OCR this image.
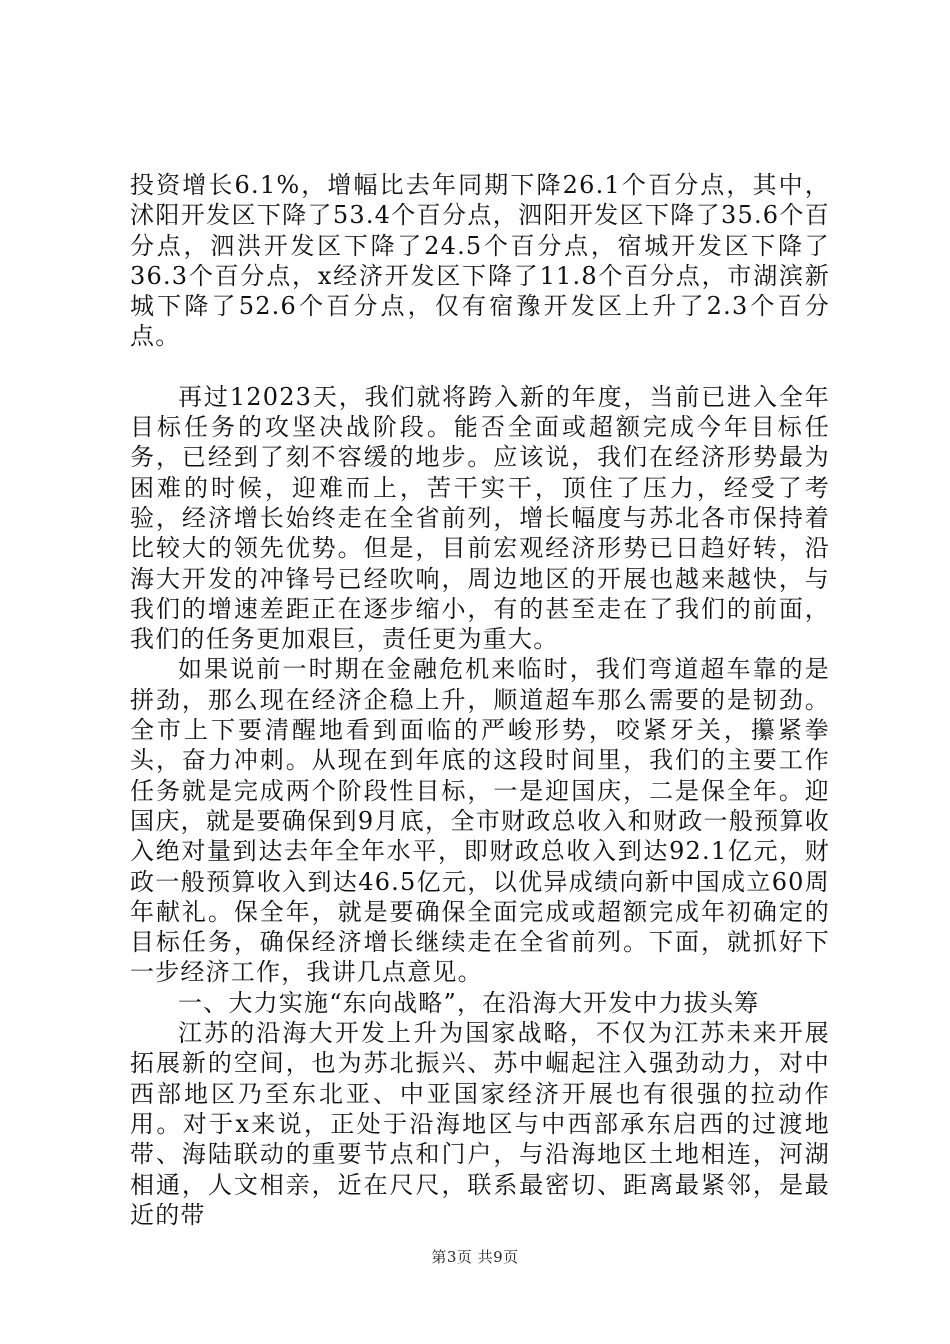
投资增长6.1%，增幅比去年同期下降26.1个百分点，其中，沭阳开发区下降了53.4个百分点，泗阳开发区下降了35.6个百分点，泗洪开发区下降了24.5个百分点，宿城开发区下降了36.3个百分点，x经济开发区下降了11.8个百分点，市湖滨新城下降了52.6个百分点，仅有宿豫开发区上升了2.3个百分点。

再过12023天，我们就将跨入新的年度，当前已进入全年目标任务的攻坚决战阶段。能否全面或超额完成今年目标任务，已经到了刻不容缓的地步。应该说，我们在经济形势最为困难的时候，迎难而上，苦干实干，顶住了压力，经受了考验，经济增长始终走在全省前列，增长幅度与苏北各市保持着比较大的领先优势。但是，目前宏观经济形势已日趋好转，沿海大开发的冲锋号已经吹响，周边地区的开展也越来越快，与我们的增速差距正在逐步缩小，有的甚至走在了我们的前面，我们的任务更加艰巨，责任更为重大。

如果说前一时期在金融危机来临时，我们弯道超车靠的是拼劲，那么现在经济企稳上升，顺道超车那么需要的是韧劲。全市上下要清醒地看到面临的严峻形势，咬紧牙关，攥紧拳头，奋力冲刺。从现在到年底的这段时间里，我们的主要工作任务就是完成两个阶段性目标，一是迎国庆，二是保全年。迎国庆，就是要确保到9月底，全市财政总收入和财政一般预算收入绝对量到达去年全年水平，即财政总收入到达92.1亿元，财政一般预算收入到达46.5亿元，以优异成绩向新中国成立60周年献礼。保全年，就是要确保全面完成或超额完成年初确定的目标任务，确保经济增长继续走在全省前列。下面，就抓好下一步经济工作，我讲几点意见。

一、大力实施“东向战略”，在沿海大开发中力拔头筹

江苏的沿海大开发上升为国家战略，不仅为江苏未来开展拓展新的空间，也为苏北振兴、苏中崛起注入强劲动力，对中西部地区乃至东北亚、中亚国家经济开展也有很强的拉动作用。对于x来说，正处于沿海地区与中西部承东启西的过渡地带、海陆联动的重要节点和门户，与沿海地区土地相连，河湖相通，人文相亲，近在尺尺，联系最密切、距离最紧邻，是最近的带

第3页 共9页
